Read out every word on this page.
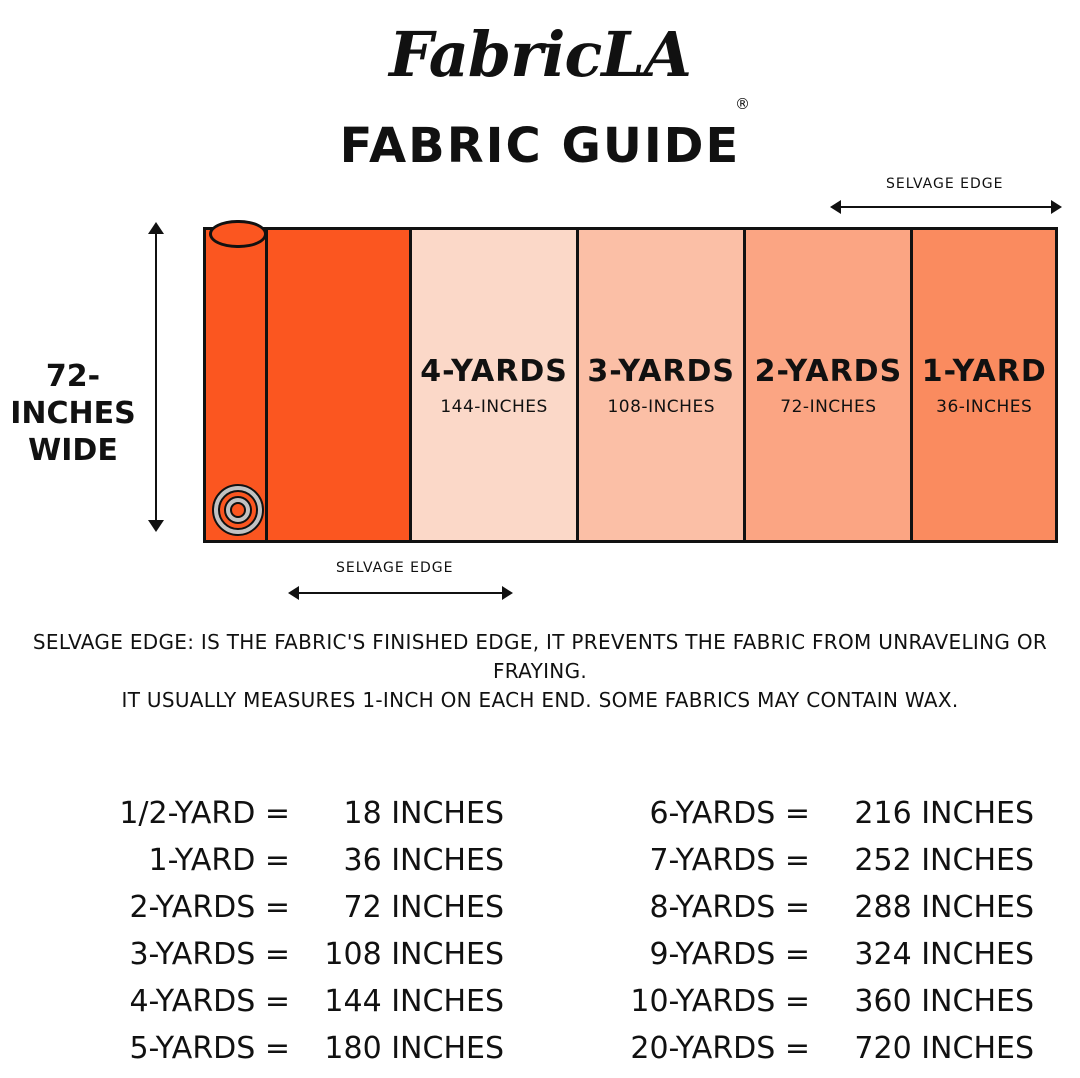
FabricLA
®
FABRIC GUIDE
SELVAGE EDGE
72-INCHES
WIDE
4-YARDS
144-INCHES
3-YARDS
108-INCHES
2-YARDS
72-INCHES
1-YARD
36-INCHES
SELVAGE EDGE
SELVAGE EDGE: IS THE FABRIC'S FINISHED EDGE, IT PREVENTS THE FABRIC FROM UNRAVELING OR FRAYING.
IT USUALLY MEASURES 1-INCH ON EACH END. SOME FABRICS MAY CONTAIN WAX.
1/2-YARD =	18 INCHES
1-YARD =	36 INCHES
2-YARDS =	72 INCHES
3-YARDS =	108 INCHES
4-YARDS =	144 INCHES
5-YARDS =	180 INCHES
6-YARDS =	216 INCHES
7-YARDS =	252 INCHES
8-YARDS =	288 INCHES
9-YARDS =	324 INCHES
10-YARDS =	360 INCHES
20-YARDS =	720 INCHES
